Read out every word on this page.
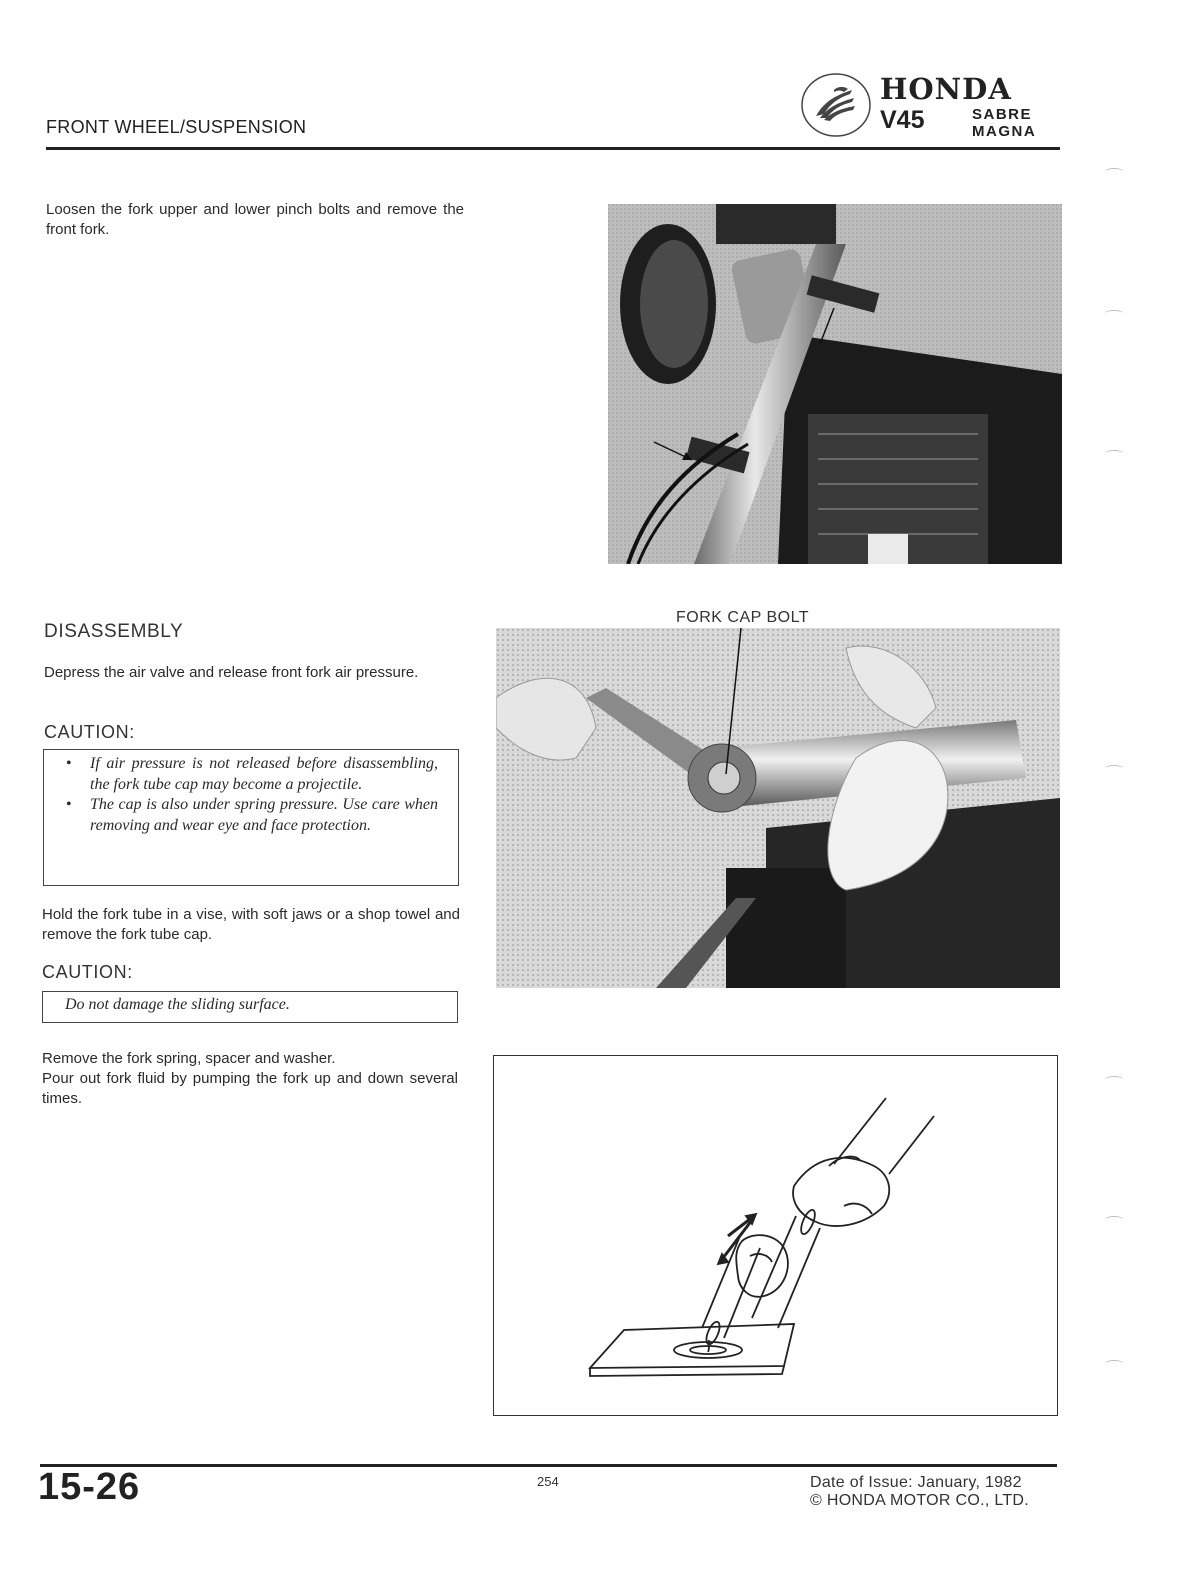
FRONT WHEEL/SUSPENSION
HONDA
V45	SABRE
MAGNA
Loosen the fork upper and lower pinch bolts and remove the front fork.
DISASSEMBLY
Depress the air valve and release front fork air pressure.
CAUTION:
• If air pressure is not released before disassembling, the fork tube cap may become a projectile.
• The cap is also under spring pressure. Use care when removing and wear eye and face protection.
Hold the fork tube in a vise, with soft jaws or a shop towel and remove the fork tube cap.
CAUTION:
Do not damage the sliding surface.
Remove the fork spring, spacer and washer.
Pour out fork fluid by pumping the fork up and down several times.
FORK CAP BOLT
15-26	254	Date of Issue: January, 1982
© HONDA MOTOR CO., LTD.
